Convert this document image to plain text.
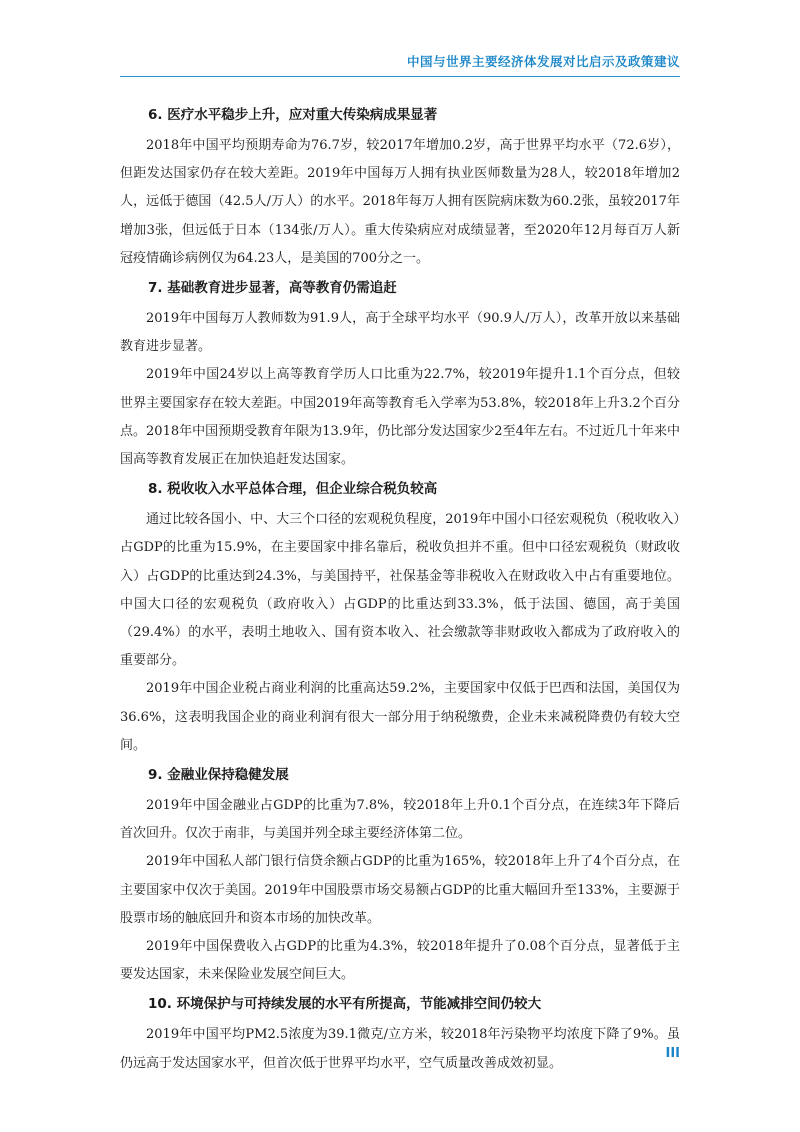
中国与世界主要经济体发展对比启示及政策建议
6. 医疗水平稳步上升，应对重大传染病成果显著

2018年中国平均预期寿命为76.7岁，较2017年增加0.2岁，高于世界平均水平（72.6岁），但距发达国家仍存在较大差距。2019年中国每万人拥有执业医师数量为28人，较2018年增加2人，远低于德国（42.5人/万人）的水平。2018年每万人拥有医院病床数为60.2张，虽较2017年增加3张，但远低于日本（134张/万人）。重大传染病应对成绩显著，至2020年12月每百万人新冠疫情确诊病例仅为64.23人，是美国的700分之一。

7. 基础教育进步显著，高等教育仍需追赶

2019年中国每万人教师数为91.9人，高于全球平均水平（90.9人/万人），改革开放以来基础教育进步显著。

2019年中国24岁以上高等教育学历人口比重为22.7%，较2019年提升1.1个百分点，但较世界主要国家存在较大差距。中国2019年高等教育毛入学率为53.8%，较2018年上升3.2个百分点。2018年中国预期受教育年限为13.9年，仍比部分发达国家少2至4年左右。不过近几十年来中国高等教育发展正在加快追赶发达国家。

8. 税收收入水平总体合理，但企业综合税负较高

通过比较各国小、中、大三个口径的宏观税负程度，2019年中国小口径宏观税负（税收收入）占GDP的比重为15.9%，在主要国家中排名靠后，税收负担并不重。但中口径宏观税负（财政收入）占GDP的比重达到24.3%，与美国持平，社保基金等非税收入在财政收入中占有重要地位。中国大口径的宏观税负（政府收入）占GDP的比重达到33.3%，低于法国、德国，高于美国（29.4%）的水平，表明土地收入、国有资本收入、社会缴款等非财政收入都成为了政府收入的重要部分。

2019年中国企业税占商业利润的比重高达59.2%，主要国家中仅低于巴西和法国，美国仅为36.6%，这表明我国企业的商业利润有很大一部分用于纳税缴费，企业未来减税降费仍有较大空间。

9. 金融业保持稳健发展

2019年中国金融业占GDP的比重为7.8%，较2018年上升0.1个百分点，在连续3年下降后首次回升。仅次于南非，与美国并列全球主要经济体第二位。

2019年中国私人部门银行信贷余额占GDP的比重为165%，较2018年上升了4个百分点，在主要国家中仅次于美国。2019年中国股票市场交易额占GDP的比重大幅回升至133%，主要源于股票市场的触底回升和资本市场的加快改革。

2019年中国保费收入占GDP的比重为4.3%，较2018年提升了0.08个百分点，显著低于主要发达国家，未来保险业发展空间巨大。

10. 环境保护与可持续发展的水平有所提高，节能减排空间仍较大

2019年中国平均PM2.5浓度为39.1微克/立方米，较2018年污染物平均浓度下降了9%。虽仍远高于发达国家水平，但首次低于世界平均水平，空气质量改善成效初显。

III
